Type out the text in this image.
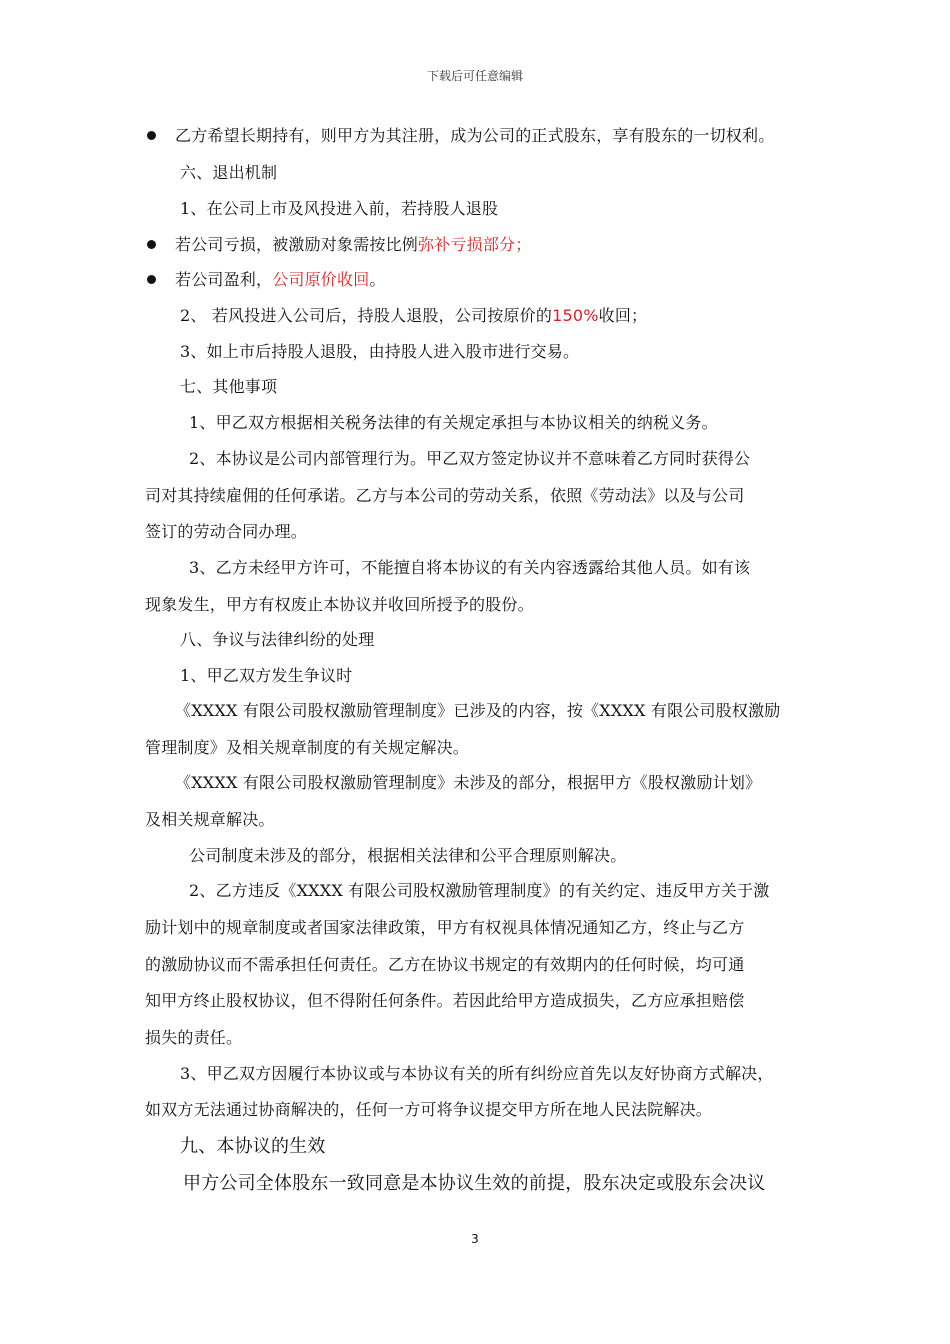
下载后可任意编辑
乙方希望长期持有，则甲方为其注册，成为公司的正式股东，享有股东的一切权利。
六、退出机制
1、在公司上市及风投进入前，若持股人退股
若公司亏损，被激励对象需按比例弥补亏损部分；
若公司盈利，公司原价收回。
2、 若风投进入公司后，持股人退股，公司按原价的150%收回；
3、如上市后持股人退股，由持股人进入股市进行交易。
七、其他事项
1、甲乙双方根据相关税务法律的有关规定承担与本协议相关的纳税义务。
2、本协议是公司内部管理行为。甲乙双方签定协议并不意味着乙方同时获得公
司对其持续雇佣的任何承诺。乙方与本公司的劳动关系，依照《劳动法》以及与公司
签订的劳动合同办理。
3、乙方未经甲方许可，不能擅自将本协议的有关内容透露给其他人员。如有该
现象发生，甲方有权废止本协议并收回所授予的股份。
八、争议与法律纠纷的处理
1、甲乙双方发生争议时
《XXXX 有限公司股权激励管理制度》已涉及的内容，按《XXXX 有限公司股权激励
管理制度》及相关规章制度的有关规定解决。
《XXXX 有限公司股权激励管理制度》未涉及的部分，根据甲方《股权激励计划》
及相关规章解决。
公司制度未涉及的部分，根据相关法律和公平合理原则解决。
2、乙方违反《XXXX 有限公司股权激励管理制度》的有关约定、违反甲方关于激
励计划中的规章制度或者国家法律政策，甲方有权视具体情况通知乙方，终止与乙方
的激励协议而不需承担任何责任。乙方在协议书规定的有效期内的任何时候，均可通
知甲方终止股权协议，但不得附任何条件。若因此给甲方造成损失，乙方应承担赔偿
损失的责任。
3、甲乙双方因履行本协议或与本协议有关的所有纠纷应首先以友好协商方式解决，
如双方无法通过协商解决的，任何一方可将争议提交甲方所在地人民法院解决。
九、本协议的生效
甲方公司全体股东一致同意是本协议生效的前提，股东决定或股东会决议
3
